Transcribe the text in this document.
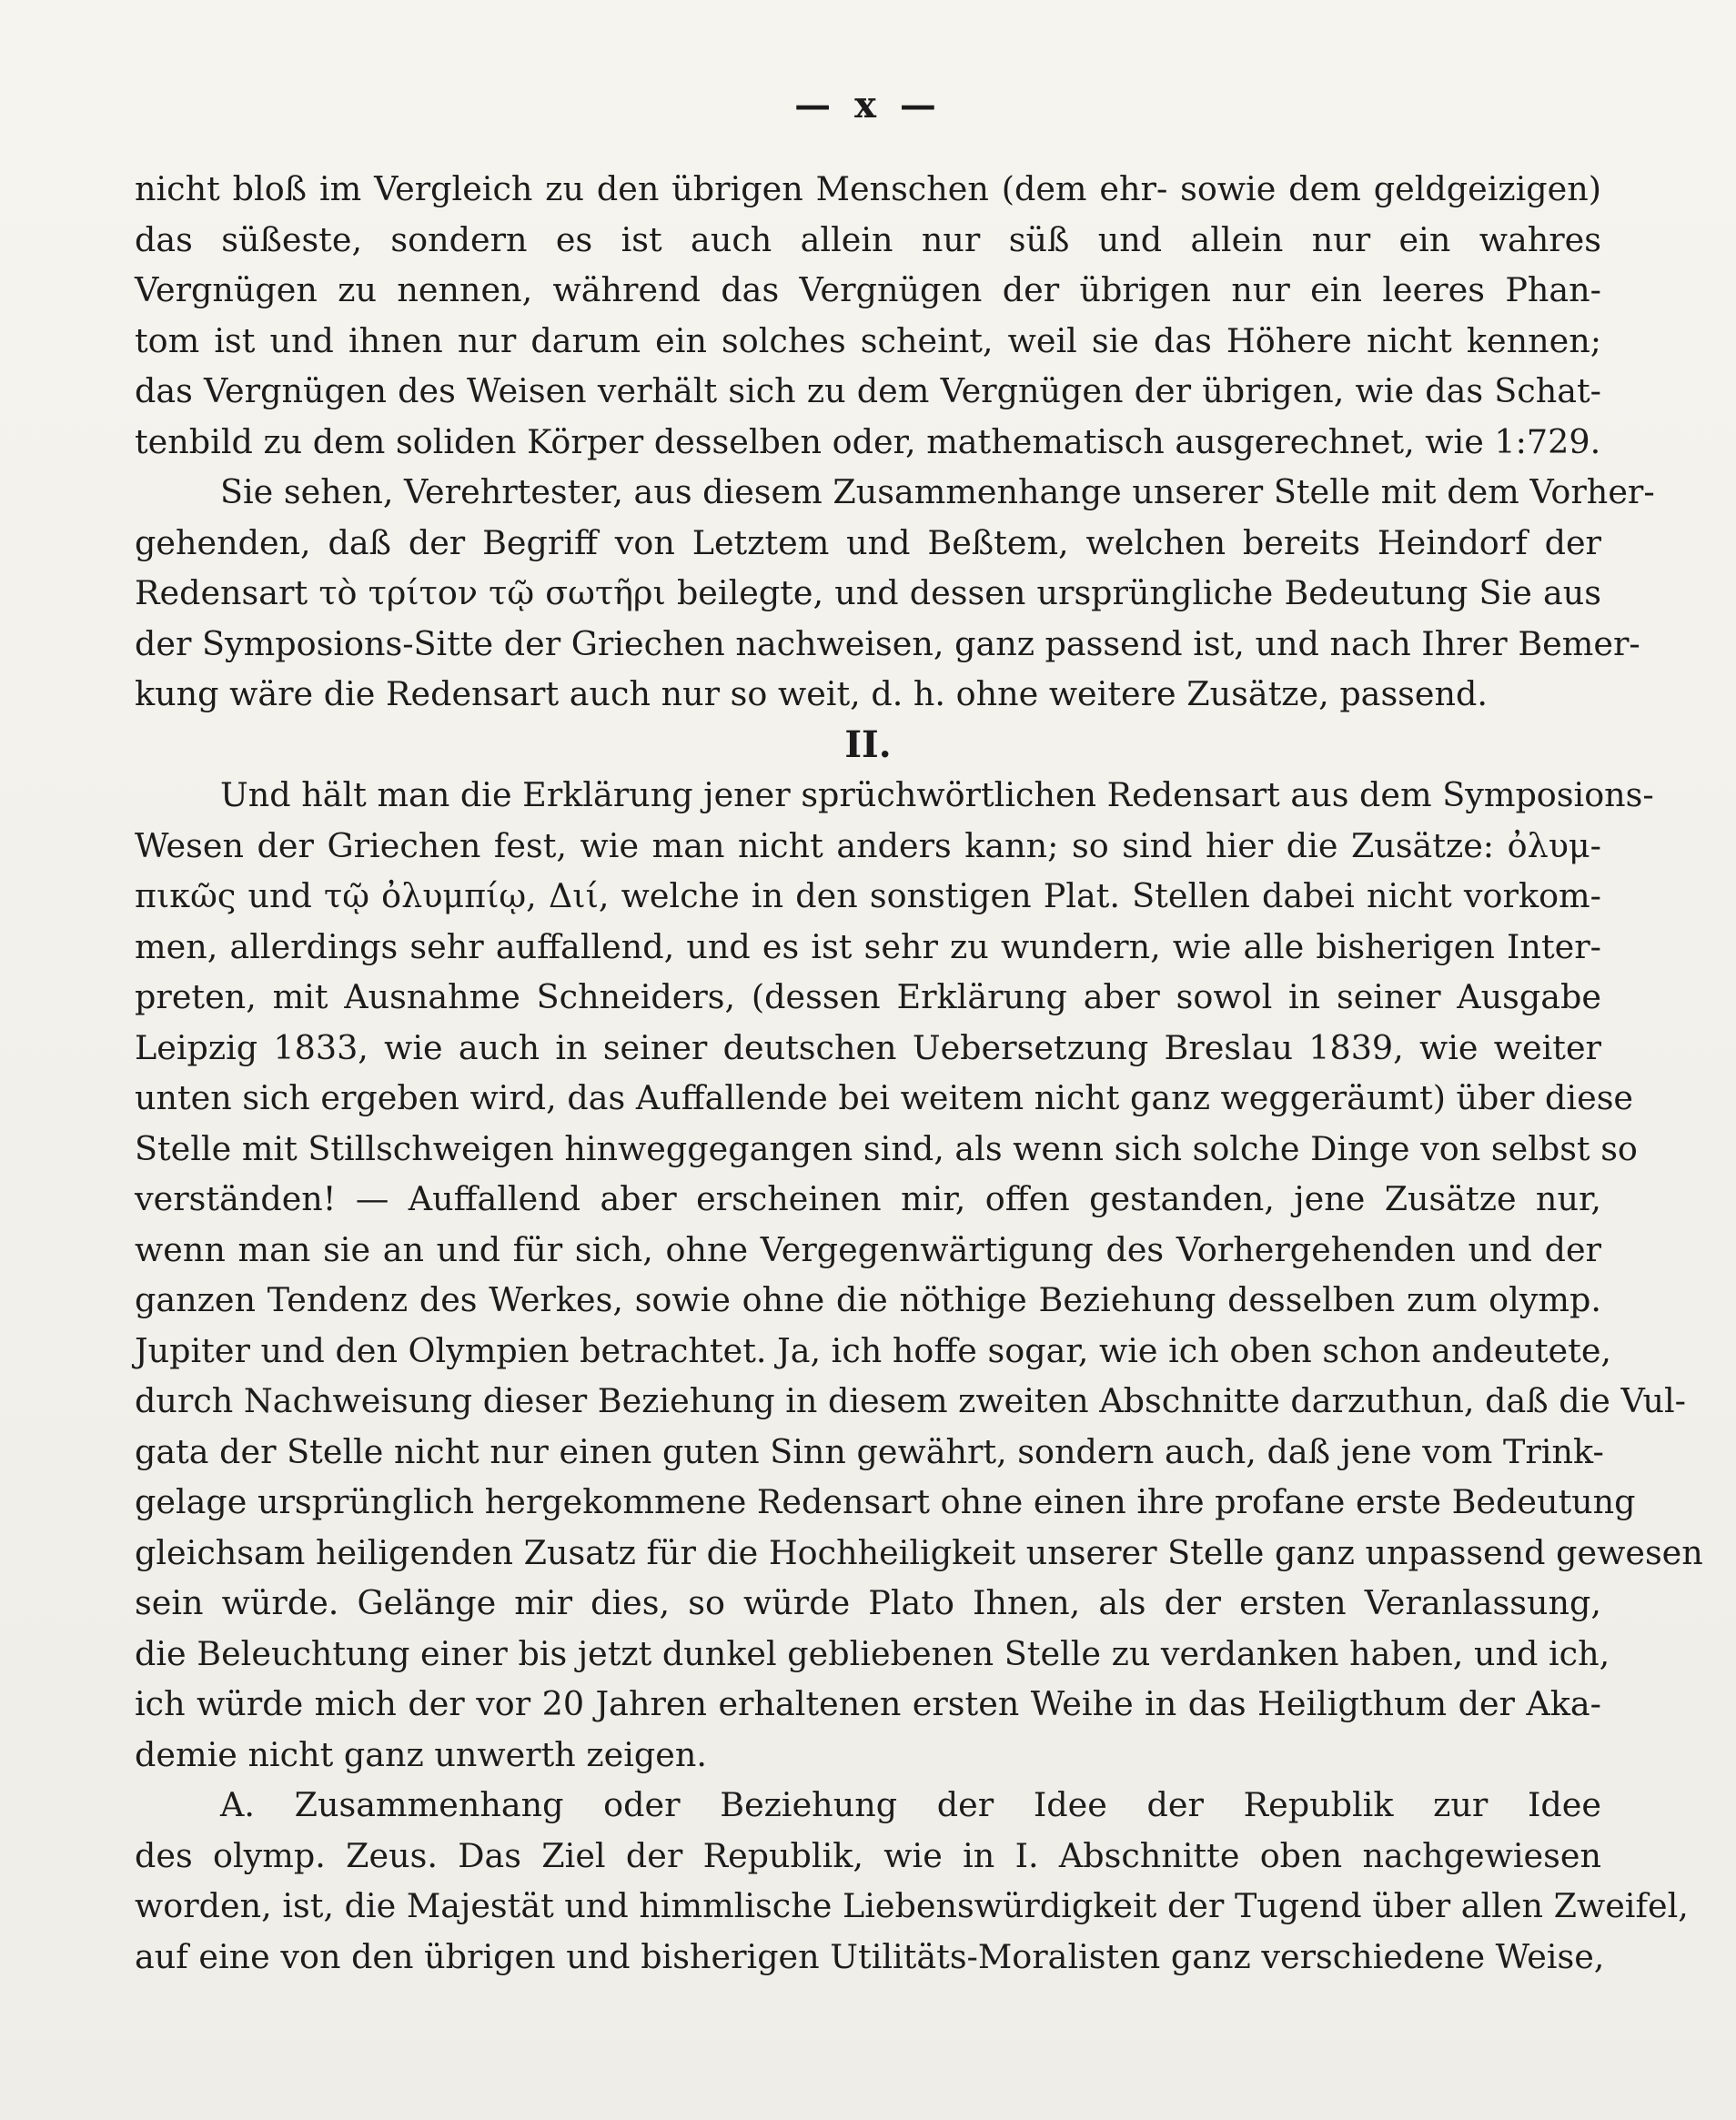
— x —
nicht bloß im Vergleich zu den übrigen Menschen (dem ehr- sowie dem geldgeizigen)
das süßeste, sondern es ist auch allein nur süß und allein nur ein wahres
Vergnügen zu nennen, während das Vergnügen der übrigen nur ein leeres Phan-
tom ist und ihnen nur darum ein solches scheint, weil sie das Höhere nicht kennen;
das Vergnügen des Weisen verhält sich zu dem Vergnügen der übrigen, wie das Schat-
tenbild zu dem soliden Körper desselben oder, mathematisch ausgerechnet, wie 1:729.
Sie sehen, Verehrtester, aus diesem Zusammenhange unserer Stelle mit dem Vorher-
gehenden, daß der Begriff von Letztem und Beßtem, welchen bereits Heindorf der
Redensart τὸ τρίτον τῷ σωτῆρι beilegte, und dessen ursprüngliche Bedeutung Sie aus
der Symposions-Sitte der Griechen nachweisen, ganz passend ist, und nach Ihrer Bemer-
kung wäre die Redensart auch nur so weit, d. h. ohne weitere Zusätze, passend.
II.
Und hält man die Erklärung jener sprüchwörtlichen Redensart aus dem Symposions-
Wesen der Griechen fest, wie man nicht anders kann; so sind hier die Zusätze: ὀλυμ-
πικῶς und τῷ ὀλυμπίῳ, Διί, welche in den sonstigen Plat. Stellen dabei nicht vorkom-
men, allerdings sehr auffallend, und es ist sehr zu wundern, wie alle bisherigen Inter-
preten, mit Ausnahme Schneiders, (dessen Erklärung aber sowol in seiner Ausgabe
Leipzig 1833, wie auch in seiner deutschen Uebersetzung Breslau 1839, wie weiter
unten sich ergeben wird, das Auffallende bei weitem nicht ganz weggeräumt) über diese
Stelle mit Stillschweigen hinweggegangen sind, als wenn sich solche Dinge von selbst so
verständen! — Auffallend aber erscheinen mir, offen gestanden, jene Zusätze nur,
wenn man sie an und für sich, ohne Vergegenwärtigung des Vorhergehenden und der
ganzen Tendenz des Werkes, sowie ohne die nöthige Beziehung desselben zum olymp.
Jupiter und den Olympien betrachtet. Ja, ich hoffe sogar, wie ich oben schon andeutete,
durch Nachweisung dieser Beziehung in diesem zweiten Abschnitte darzuthun, daß die Vul-
gata der Stelle nicht nur einen guten Sinn gewährt, sondern auch, daß jene vom Trink-
gelage ursprünglich hergekommene Redensart ohne einen ihre profane erste Bedeutung
gleichsam heiligenden Zusatz für die Hochheiligkeit unserer Stelle ganz unpassend gewesen
sein würde. Gelänge mir dies, so würde Plato Ihnen, als der ersten Veranlassung,
die Beleuchtung einer bis jetzt dunkel gebliebenen Stelle zu verdanken haben, und ich,
ich würde mich der vor 20 Jahren erhaltenen ersten Weihe in das Heiligthum der Aka-
demie nicht ganz unwerth zeigen.
A. Zusammenhang oder Beziehung der Idee der Republik zur Idee
des olymp. Zeus. Das Ziel der Republik, wie in I. Abschnitte oben nachgewiesen
worden, ist, die Majestät und himmlische Liebenswürdigkeit der Tugend über allen Zweifel,
auf eine von den übrigen und bisherigen Utilitäts-Moralisten ganz verschiedene Weise,
